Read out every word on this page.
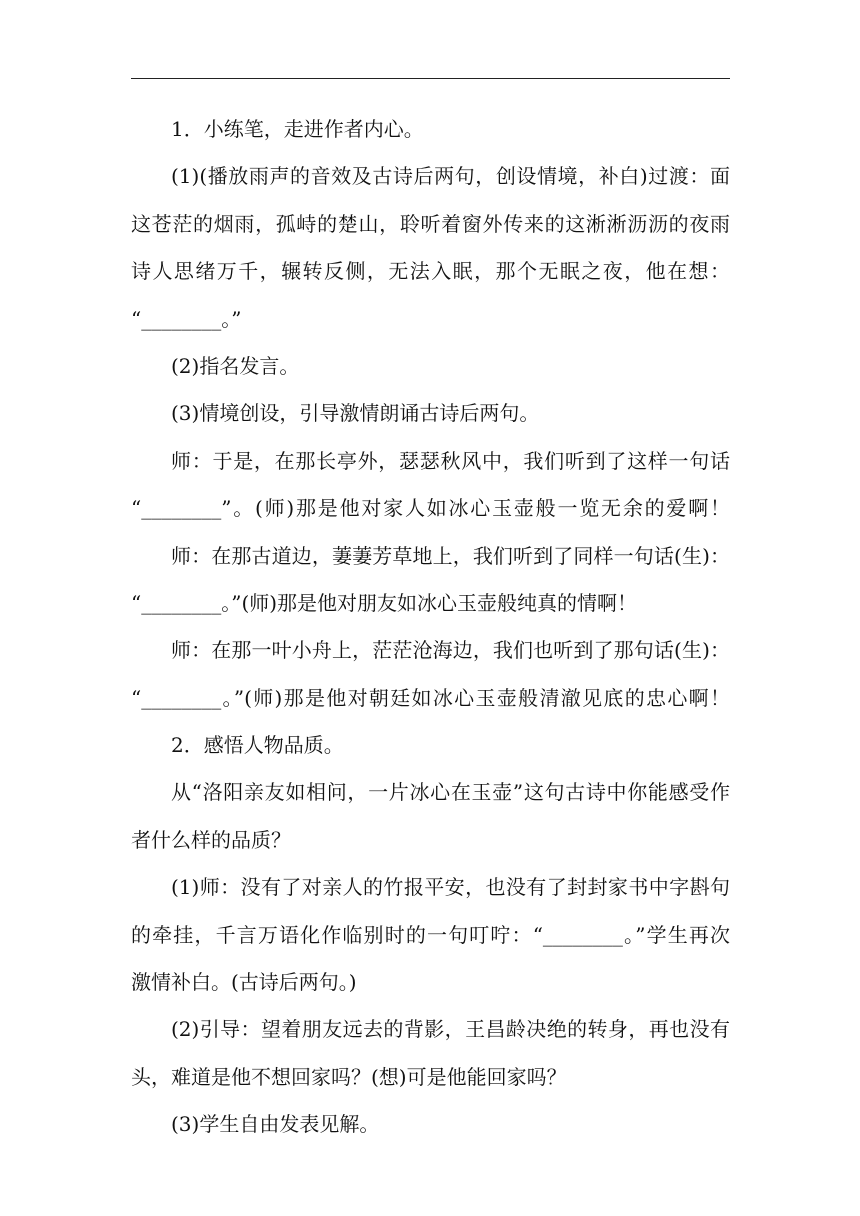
1．小练笔，走进作者内心。
(1)(播放雨声的音效及古诗后两句，创设情境，补白)过渡：面
这苍茫的烟雨，孤峙的楚山，聆听着窗外传来的这淅淅沥沥的夜雨
诗人思绪万千，辗转反侧，无法入眠，那个无眠之夜，他在想：
“________。”
(2)指名发言。
(3)情境创设，引导激情朗诵古诗后两句。
师：于是，在那长亭外，瑟瑟秋风中，我们听到了这样一句话
“________”。(师)那是他对家人如冰心玉壶般一览无余的爱啊！
师：在那古道边，萋萋芳草地上，我们听到了同样一句话(生)：
“________。”(师)那是他对朋友如冰心玉壶般纯真的情啊！
师：在那一叶小舟上，茫茫沧海边，我们也听到了那句话(生)：
“________。”(师)那是他对朝廷如冰心玉壶般清澈见底的忠心啊！
2．感悟人物品质。
从“洛阳亲友如相问，一片冰心在玉壶”这句古诗中你能感受作
者什么样的品质？
(1)师：没有了对亲人的竹报平安，也没有了封封家书中字斟句
的牵挂，千言万语化作临别时的一句叮咛：“________。”学生再次
激情补白。(古诗后两句。)
(2)引导：望着朋友远去的背影，王昌龄决绝的转身，再也没有
头，难道是他不想回家吗？(想)可是他能回家吗？
(3)学生自由发表见解。
